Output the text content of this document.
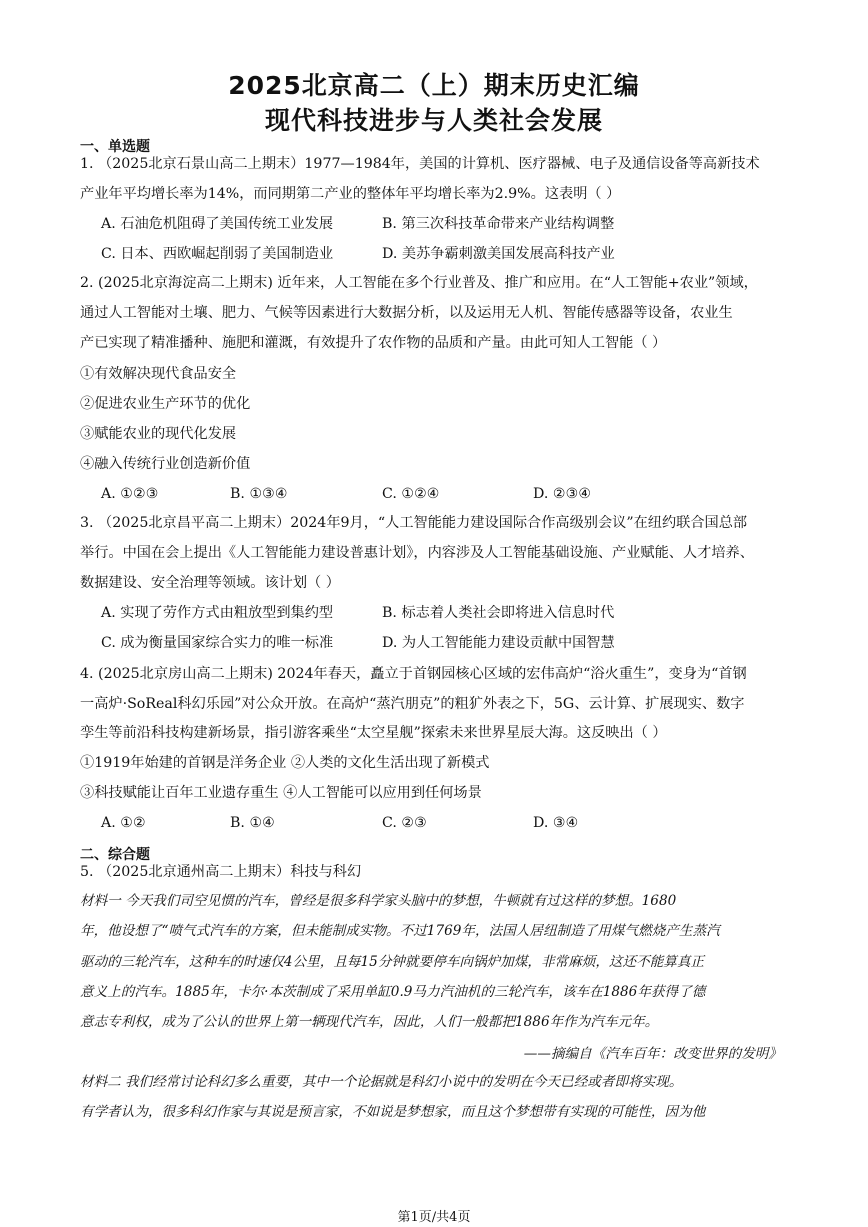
2025北京高二（上）期末历史汇编
现代科技进步与人类社会发展
一、单选题
1. （2025北京石景山高二上期末）1977—1984年，美国的计算机、医疗器械、电子及通信设备等高新技术
产业年平均增长率为14%，而同期第二产业的整体年平均增长率为2.9%。这表明（ ）
A. 石油危机阻碍了美国传统工业发展	B. 第三次科技革命带来产业结构调整
C. 日本、西欧崛起削弱了美国制造业	D. 美苏争霸刺激美国发展高科技产业
2. (2025北京海淀高二上期末) 近年来，人工智能在多个行业普及、推广和应用。在“人工智能+农业”领域，
通过人工智能对土壤、肥力、气候等因素进行大数据分析，以及运用无人机、智能传感器等设备，农业生
产已实现了精准播种、施肥和灌溉，有效提升了农作物的品质和产量。由此可知人工智能（ ）
①有效解决现代食品安全
②促进农业生产环节的优化
③赋能农业的现代化发展
④融入传统行业创造新价值
A. ①②③	B. ①③④	C. ①②④	D. ②③④
3. （2025北京昌平高二上期末）2024年9月，“人工智能能力建设国际合作高级别会议”在纽约联合国总部
举行。中国在会上提出《人工智能能力建设普惠计划》，内容涉及人工智能基础设施、产业赋能、人才培养、
数据建设、安全治理等领域。该计划（ ）
A. 实现了劳作方式由粗放型到集约型	B. 标志着人类社会即将进入信息时代
C. 成为衡量国家综合实力的唯一标准	D. 为人工智能能力建设贡献中国智慧
4. (2025北京房山高二上期末) 2024年春天，矗立于首钢园核心区域的宏伟高炉“浴火重生”，变身为“首钢
一高炉·SoReal科幻乐园”对公众开放。在高炉“蒸汽朋克”的粗犷外表之下，5G、云计算、扩展现实、数字
孪生等前沿科技构建新场景，指引游客乘坐“太空星舰”探索未来世界星辰大海。这反映出（ ）
①1919年始建的首钢是洋务企业 ②人类的文化生活出现了新模式
③科技赋能让百年工业遗存重生 ④人工智能可以应用到任何场景
A. ①②	B. ①④	C. ②③	D. ③④
二、综合题
5. （2025北京通州高二上期末）科技与科幻
材料一 今天我们司空见惯的汽车，曾经是很多科学家头脑中的梦想，牛顿就有过这样的梦想。1680
年，他设想了“喷气式汽车的方案，但未能制成实物。不过1769年，法国人居纽制造了用煤气燃烧产生蒸汽
驱动的三轮汽车，这种车的时速仅4公里，且每15分钟就要停车向锅炉加煤，非常麻烦，这还不能算真正
意义上的汽车。1885年，卡尔·本茨制成了采用单缸0.9马力汽油机的三轮汽车，该车在1886年获得了德
意志专利权，成为了公认的世界上第一辆现代汽车，因此，人们一般都把1886年作为汽车元年。
——摘编自《汽车百年：改变世界的发明》
材料二 我们经常讨论科幻多么重要，其中一个论据就是科幻小说中的发明在今天已经或者即将实现。
有学者认为，很多科幻作家与其说是预言家，不如说是梦想家，而且这个梦想带有实现的可能性，因为他
第1页/共4页
